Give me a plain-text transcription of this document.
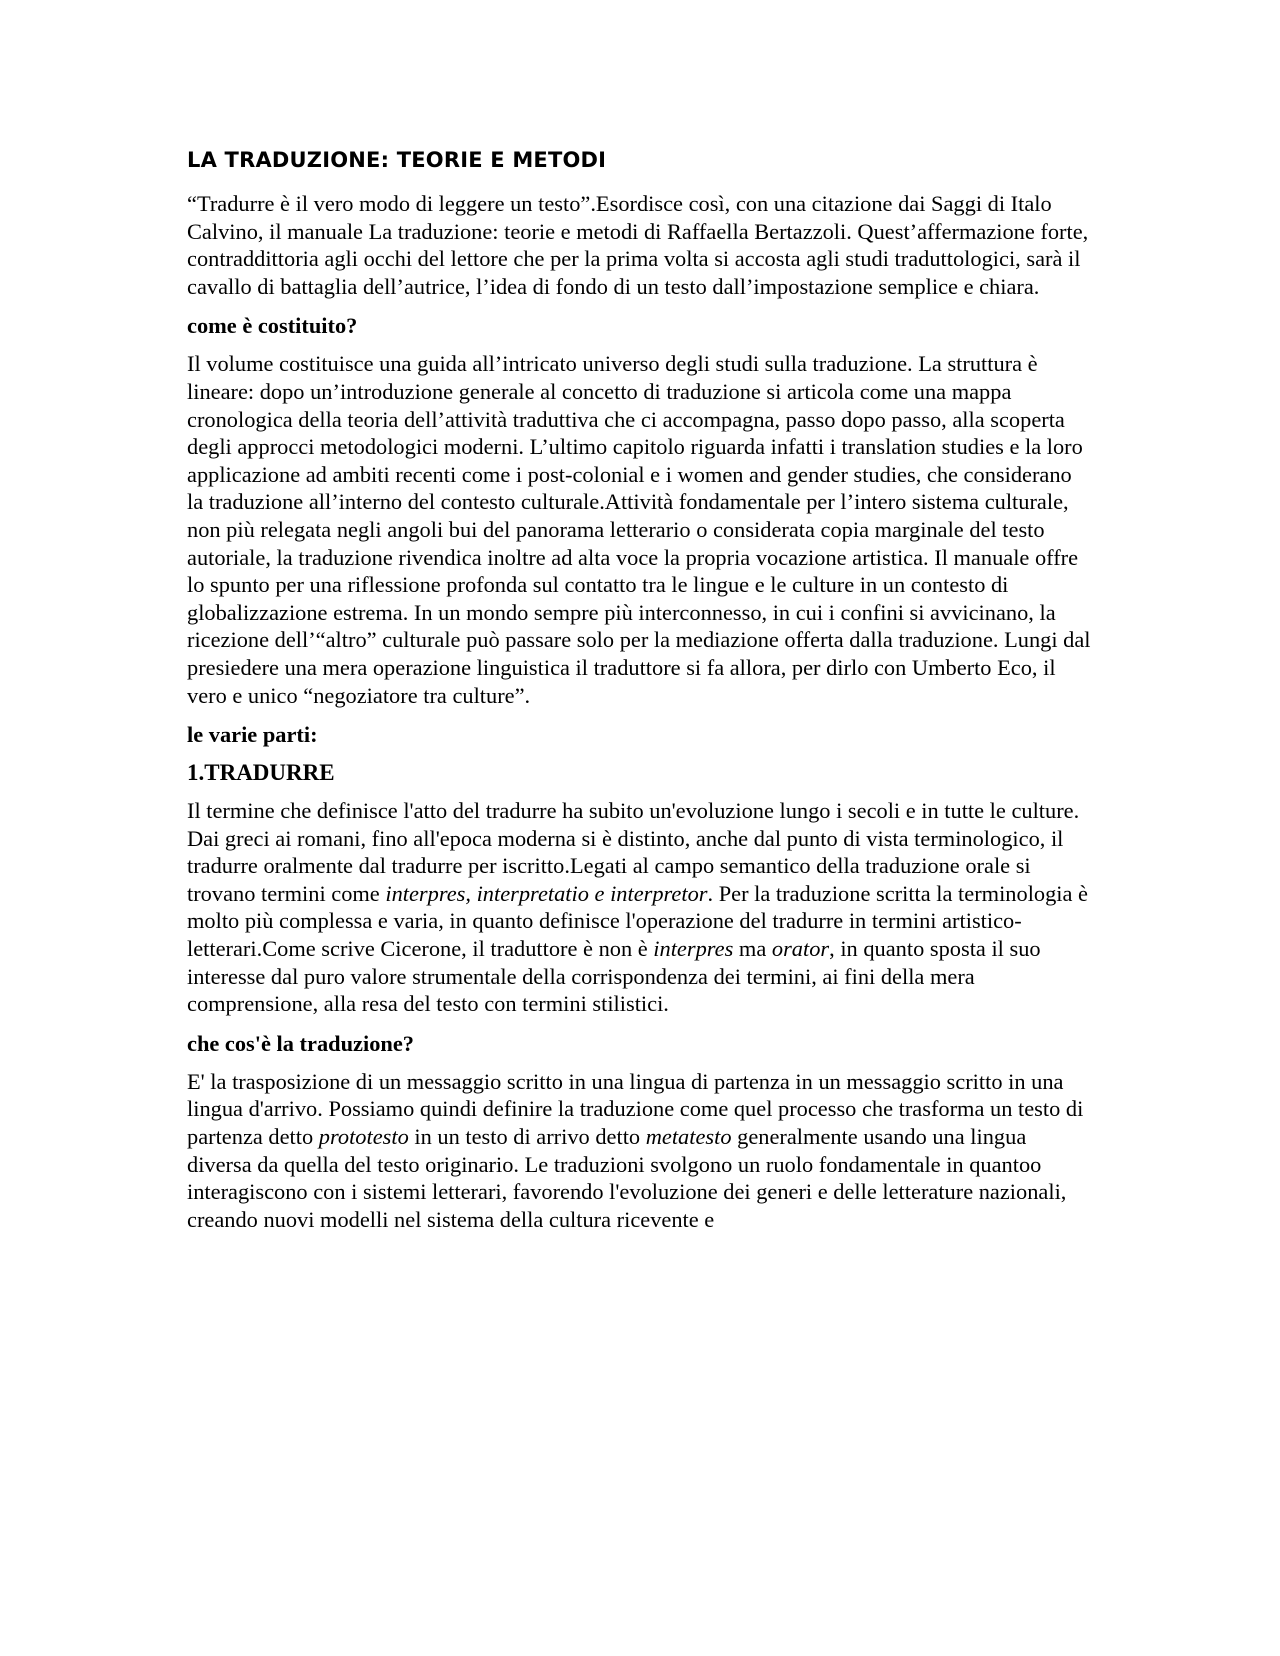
LA TRADUZIONE: TEORIE E METODI

“Tradurre è il vero modo di leggere un testo”.Esordisce così, con una citazione dai Saggi di Italo Calvino, il manuale La traduzione: teorie e metodi di Raffaella Bertazzoli. Quest’affermazione forte, contraddittoria agli occhi del lettore che per la prima volta si accosta agli studi traduttologici, sarà il cavallo di battaglia dell’autrice, l’idea di fondo di un testo dall’impostazione semplice e chiara.

come è costituito?

Il volume costituisce una guida all’intricato universo degli studi sulla traduzione. La struttura è lineare: dopo un’introduzione generale al concetto di traduzione si articola come una mappa cronologica della teoria dell’attività traduttiva che ci accompagna, passo dopo passo, alla scoperta degli approcci metodologici moderni. L’ultimo capitolo riguarda infatti i translation studies e la loro applicazione ad ambiti recenti come i post-colonial e i women and gender studies, che considerano la traduzione all’interno del contesto culturale.Attività fondamentale per l’intero sistema culturale, non più relegata negli angoli bui del panorama letterario o considerata copia marginale del testo autoriale, la traduzione rivendica inoltre ad alta voce la propria vocazione artistica. Il manuale offre lo spunto per una riflessione profonda sul contatto tra le lingue e le culture in un contesto di globalizzazione estrema. In un mondo sempre più interconnesso, in cui i confini si avvicinano, la ricezione dell’“altro” culturale può passare solo per la mediazione offerta dalla traduzione. Lungi dal presiedere una mera operazione linguistica il traduttore si fa allora, per dirlo con Umberto Eco, il vero e unico “negoziatore tra culture”.

le varie parti:
1.TRADURRE

Il termine che definisce l'atto del tradurre ha subito un'evoluzione lungo i secoli e in tutte le culture. Dai greci ai romani, fino all'epoca moderna si è distinto, anche dal punto di vista terminologico, il tradurre oralmente dal tradurre per iscritto.Legati al campo semantico della traduzione orale si trovano termini come interpres, interpretatio e interpretor. Per la traduzione scritta la terminologia è molto più complessa e varia, in quanto definisce l'operazione del tradurre in termini artistico-letterari.Come scrive Cicerone, il traduttore è non è interpres ma orator, in quanto sposta il suo interesse dal puro valore strumentale della corrispondenza dei termini, ai fini della mera comprensione, alla resa del testo con termini stilistici.

che cos'è la traduzione?

E' la trasposizione di un messaggio scritto in una lingua di partenza in un messaggio scritto in una lingua d'arrivo. Possiamo quindi definire la traduzione come quel processo che trasforma un testo di partenza detto prototesto in un testo di arrivo detto metatesto generalmente usando una lingua diversa da quella del testo originario. Le traduzioni svolgono un ruolo fondamentale in quantoo interagiscono con i sistemi letterari, favorendo l'evoluzione dei generi e delle letterature nazionali, creando nuovi modelli nel sistema della cultura ricevente e
